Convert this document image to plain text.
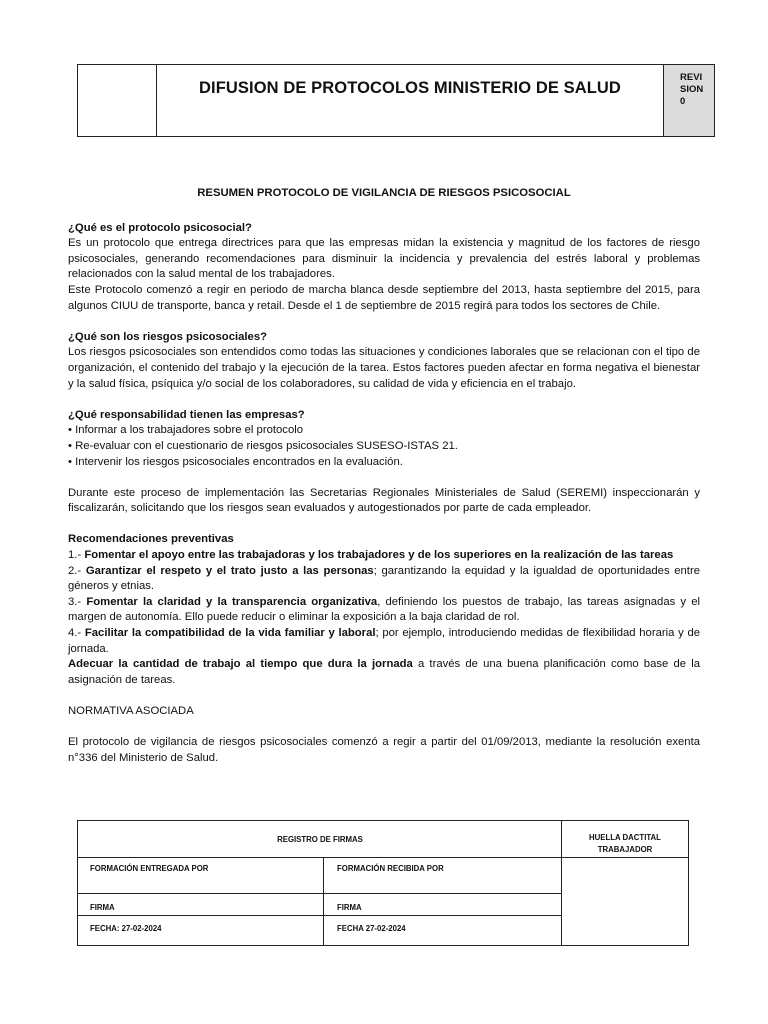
DIFUSION DE PROTOCOLOS MINISTERIO DE SALUD
REVI
SION
0

RESUMEN PROTOCOLO DE VIGILANCIA DE RIESGOS PSICOSOCIAL

¿Qué es el protocolo psicosocial?

Es un protocolo que entrega directrices para que las empresas midan la existencia y magnitud de los factores de riesgo psicosociales, generando recomendaciones para disminuir la incidencia y prevalencia del estrés laboral y problemas relacionados con la salud mental de los trabajadores.

Este Protocolo comenzó a regir en periodo de marcha blanca desde septiembre del 2013, hasta septiembre del 2015, para algunos CIUU de transporte, banca y retail. Desde el 1 de septiembre de 2015 regirá para todos los sectores de Chile.

¿Qué son los riesgos psicosociales?

Los riesgos psicosociales son entendidos como todas las situaciones y condiciones laborales que se relacionan con el tipo de organización, el contenido del trabajo y la ejecución de la tarea. Estos factores pueden afectar en forma negativa el bienestar y la salud física, psíquica y/o social de los colaboradores, su calidad de vida y eficiencia en el trabajo.

¿Qué responsabilidad tienen las empresas?

• Informar a los trabajadores sobre el protocolo

• Re-evaluar con el cuestionario de riesgos psicosociales SUSESO-ISTAS 21.

• Intervenir los riesgos psicosociales encontrados en la evaluación.

Durante este proceso de implementación las Secretarias Regionales Ministeriales de Salud (SEREMI) inspeccionarán y fiscalizarán, solicitando que los riesgos sean evaluados y autogestionados por parte de cada empleador.

Recomendaciones preventivas

1.- Fomentar el apoyo entre las trabajadoras y los trabajadores y de los superiores en la realización de las tareas

2.- Garantizar el respeto y el trato justo a las personas; garantizando la equidad y la igualdad de oportunidades entre géneros y etnias.

3.- Fomentar la claridad y la transparencia organizativa, definiendo los puestos de trabajo, las tareas asignadas y el margen de autonomía. Ello puede reducir o eliminar la exposición a la baja claridad de rol.

4.- Facilitar la compatibilidad de la vida familiar y laboral; por ejemplo, introduciendo medidas de flexibilidad horaria y de jornada.

Adecuar la cantidad de trabajo al tiempo que dura la jornada a través de una buena planificación como base de la asignación de tareas.

NORMATIVA ASOCIADA

El protocolo de vigilancia de riesgos psicosociales comenzó a regir a partir del 01/09/2013, mediante la resolución exenta n°336 del Ministerio de Salud.

REGISTRO DE FIRMAS
FORMACIÓN ENTREGADA POR	FORMACIÓN RECIBIDA POR
FIRMA	FIRMA
FECHA: 27-02-2024	FECHA 27-02-2024
HUELLA DACTITAL
TRABAJADOR
